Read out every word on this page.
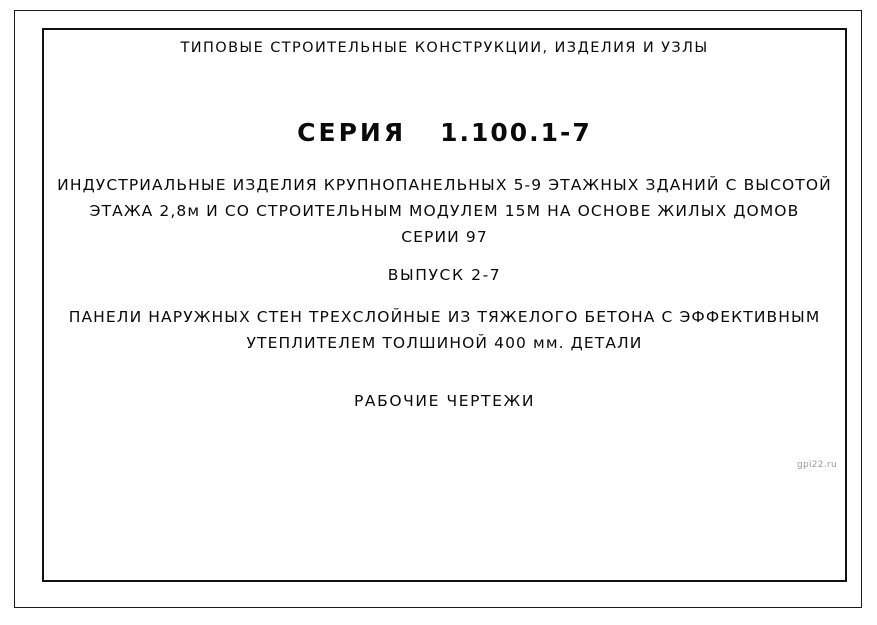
ТИПОВЫЕ СТРОИТЕЛЬНЫЕ КОНСТРУКЦИИ, ИЗДЕЛИЯ И УЗЛЫ
СЕРИЯ 1.100.1-7
ИНДУСТРИАЛЬНЫЕ ИЗДЕЛИЯ КРУПНОПАНЕЛЬНЫХ 5-9 ЭТАЖНЫХ ЗДАНИЙ С ВЫСОТОЙ
ЭТАЖА 2,8м И СО СТРОИТЕЛЬНЫМ МОДУЛЕМ 15М НА ОСНОВЕ ЖИЛЫХ ДОМОВ
СЕРИИ 97
ВЫПУСК 2-7
ПАНЕЛИ НАРУЖНЫХ СТЕН ТРЕХСЛОЙНЫЕ ИЗ ТЯЖЕЛОГО БЕТОНА С ЭФФЕКТИВНЫМ
УТЕПЛИТЕЛЕМ ТОЛШИНОЙ 400 мм. ДЕТАЛИ
РАБОЧИЕ ЧЕРТЕЖИ
gpi22.ru
